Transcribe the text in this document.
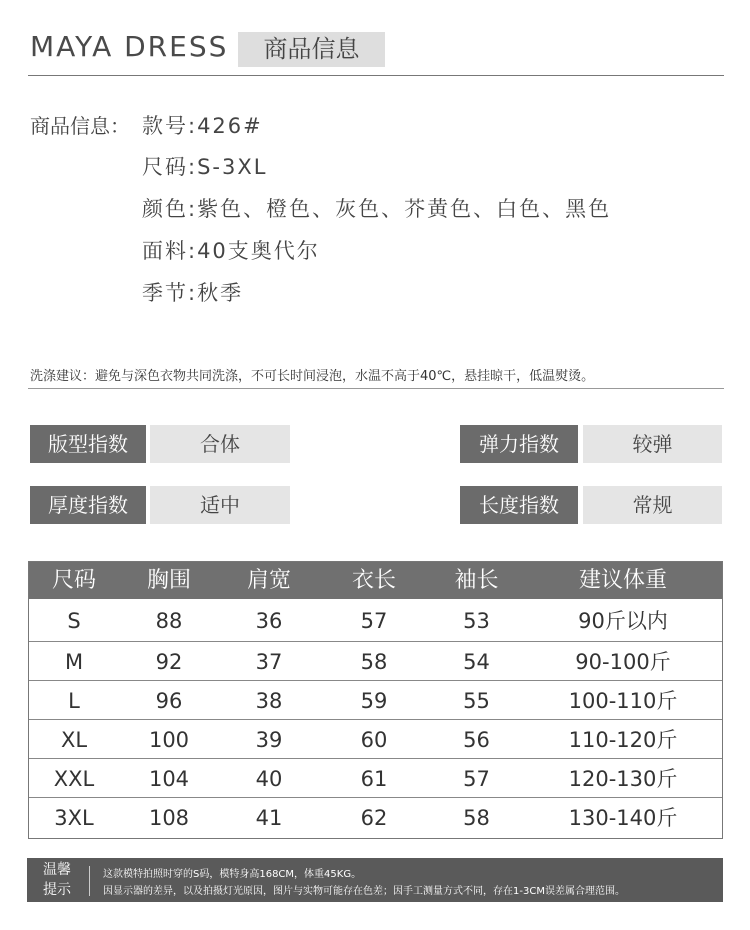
MAYA DRESS	商品信息
商品信息： 款号:426#
尺码:S-3XL
颜色:紫色、橙色、灰色、芥黄色、白色、黑色
面料:40支奥代尔
季节:秋季
洗涤建议：避免与深色衣物共同洗涤，不可长时间浸泡，水温不高于40℃，悬挂晾干，低温熨烫。
版型指数	合体	弹力指数	较弹
厚度指数	适中	长度指数	常规
尺码	胸围	肩宽	衣长	袖长	建议体重
S	88	36	57	53	90斤以内
M	92	37	58	54	90-100斤
L	96	38	59	55	100-110斤
XL	100	39	60	56	110-120斤
XXL	104	40	61	57	120-130斤
3XL	108	41	62	58	130-140斤
温馨
提示
这款模特拍照时穿的S码，模特身高168CM，体重45KG。
因显示器的差异，以及拍摄灯光原因，图片与实物可能存在色差；因手工测量方式不同，存在1-3CM误差属合理范围。
